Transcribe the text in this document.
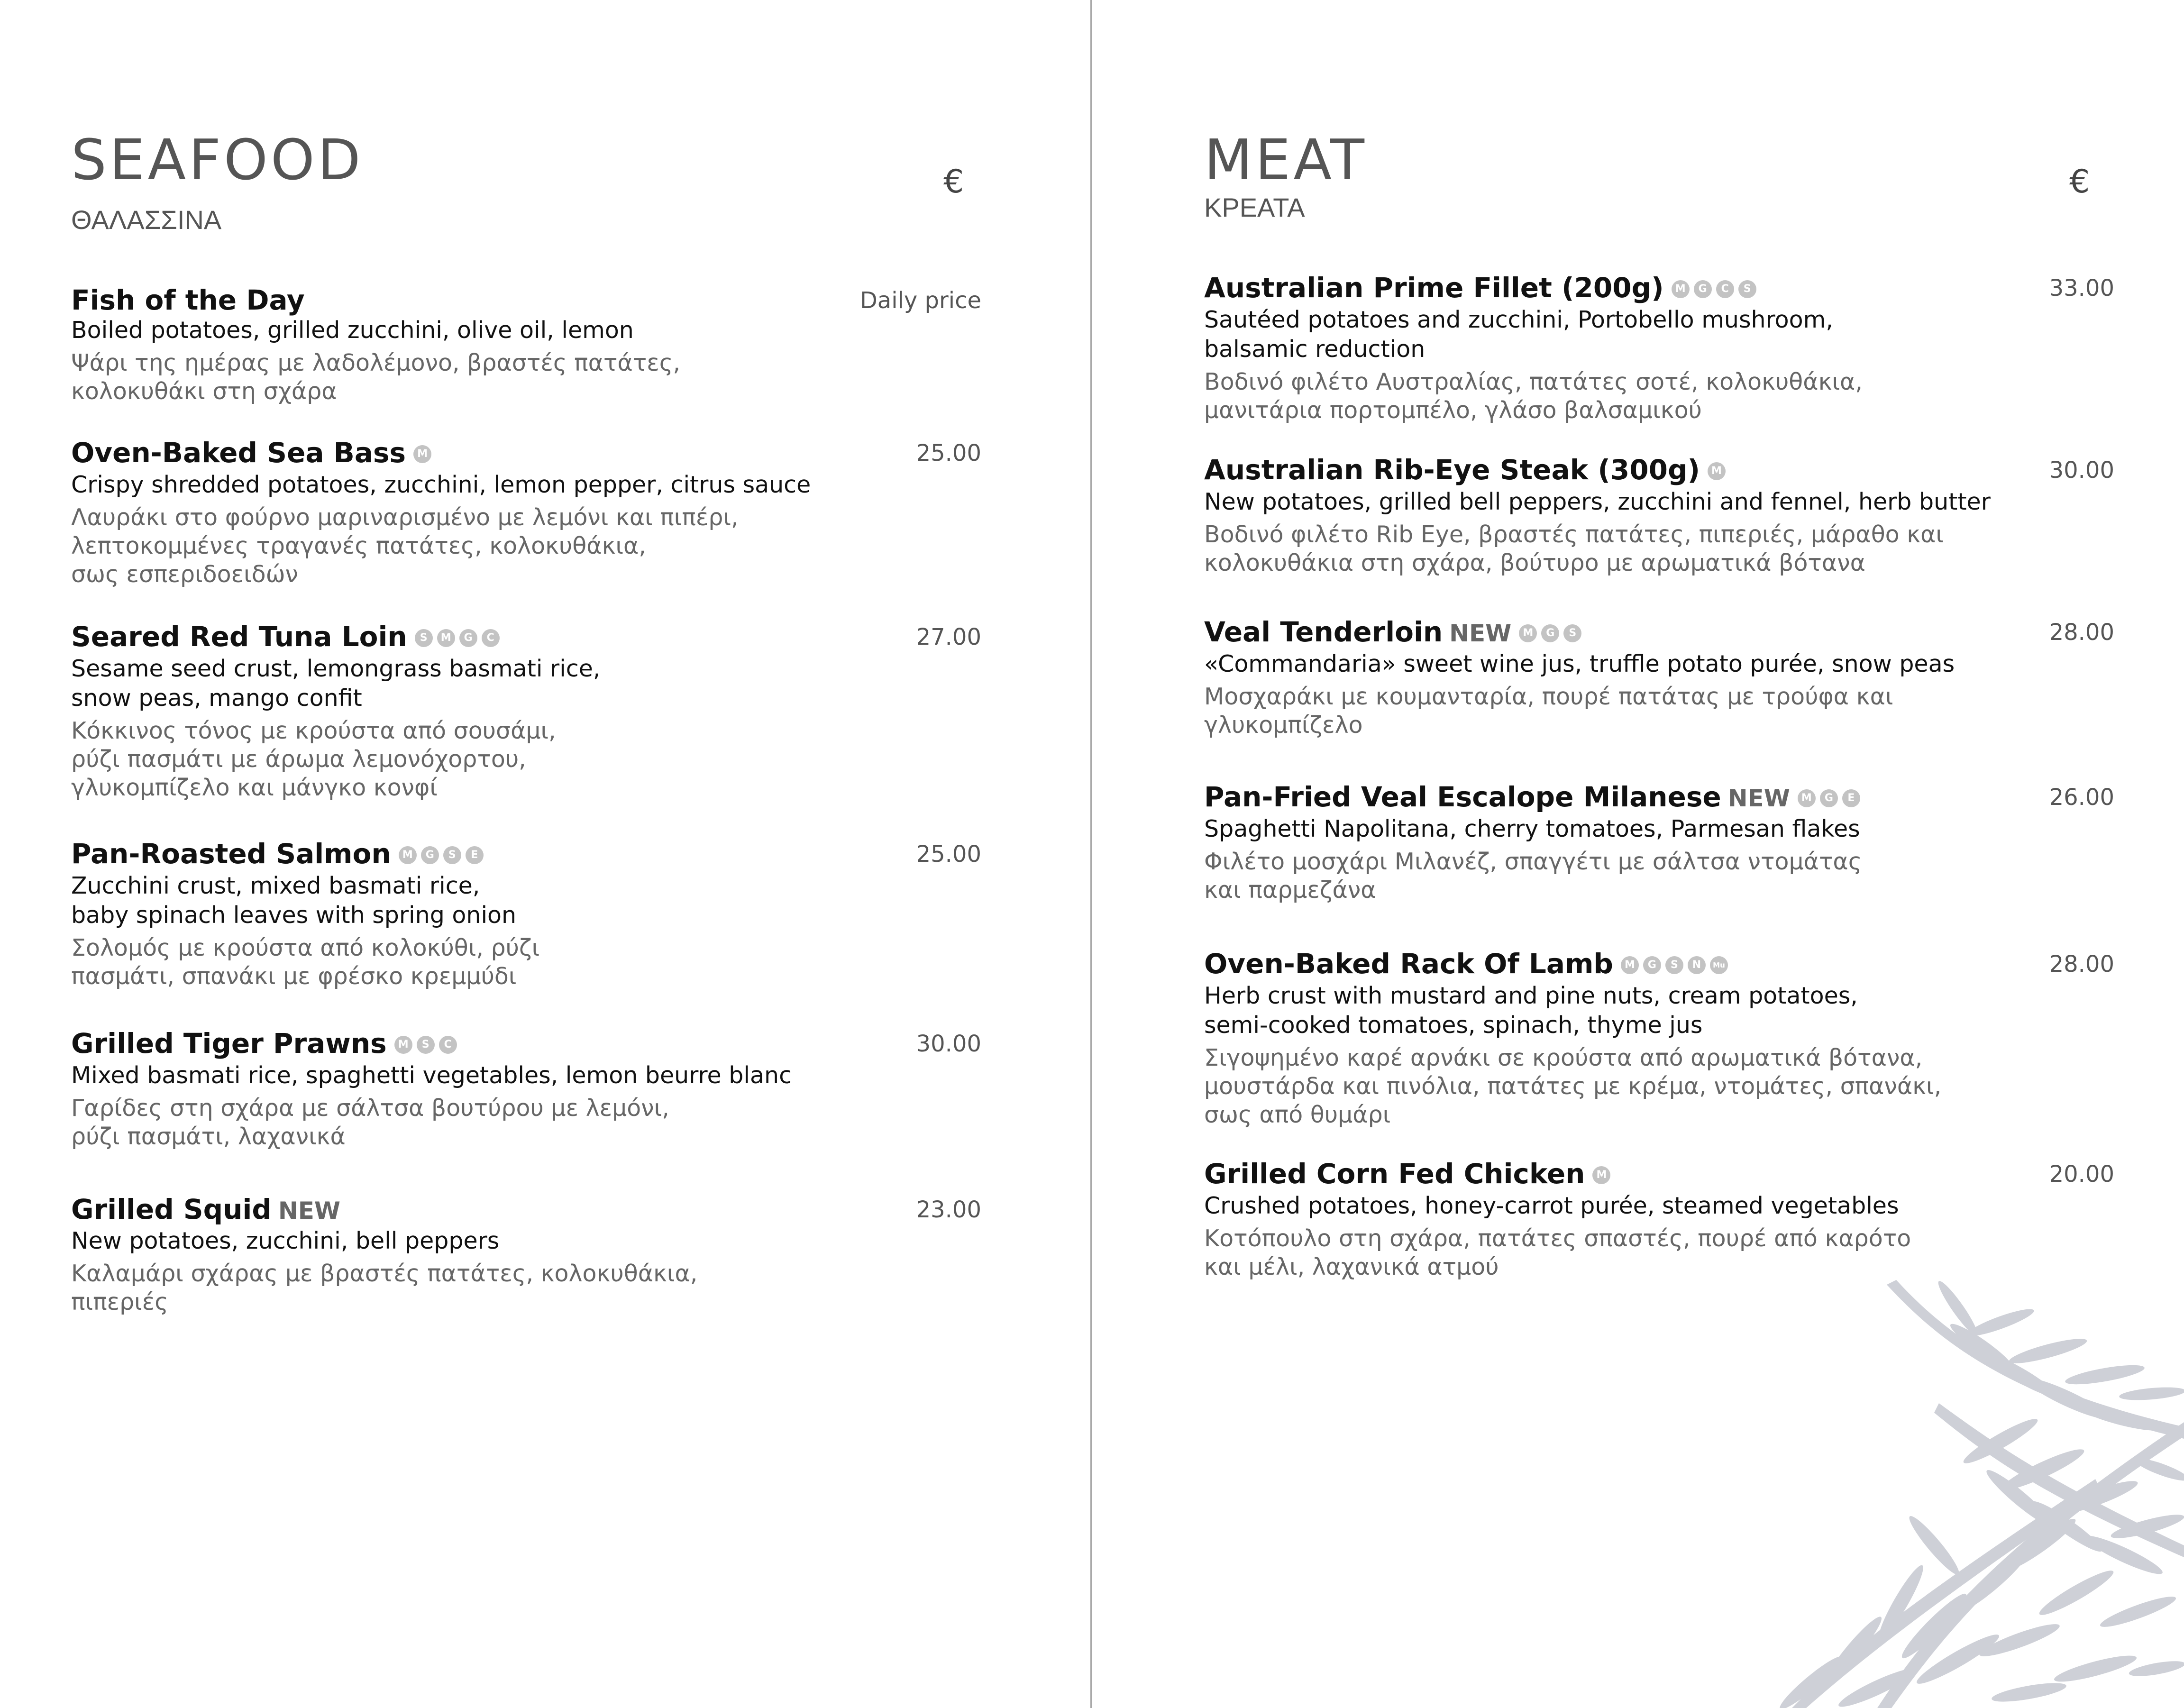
SEAFOOD
ΘΑΛΑΣΣΙΝΑ
€
Fish of the Day
Boiled potatoes, grilled zucchini, olive oil, lemon
Ψάρι της ημέρας με λαδολέμονο, βραστές πατάτες,
κολοκυθάκι στη σχάρα
Daily price
Oven-Baked Sea Bass M
Crispy shredded potatoes, zucchini, lemon pepper, citrus sauce
Λαυράκι στο φούρνο μαριναρισμένο με λεμόνι και πιπέρι,
λεπτοκομμένες τραγανές πατάτες, κολοκυθάκια,
σως εσπεριδοειδών
25.00
Seared Red Tuna Loin S M G C
Sesame seed crust, lemongrass basmati rice,
snow peas, mango confit
Κόκκινος τόνος με κρούστα από σουσάμι,
ρύζι πασμάτι με άρωμα λεμονόχορτου,
γλυκομπίζελο και μάνγκο κονφί
27.00
Pan-Roasted Salmon M G S E
Zucchini crust, mixed basmati rice,
baby spinach leaves with spring onion
Σολομός με κρούστα από κολοκύθι, ρύζι
πασμάτι, σπανάκι με φρέσκο κρεμμύδι
25.00
Grilled Tiger Prawns M S C
Mixed basmati rice, spaghetti vegetables, lemon beurre blanc
Γαρίδες στη σχάρα με σάλτσα βουτύρου με λεμόνι,
ρύζι πασμάτι, λαχανικά
30.00
Grilled Squid NEW
New potatoes, zucchini, bell peppers
Καλαμάρι σχάρας με βραστές πατάτες, κολοκυθάκια,
πιπεριές
23.00
MEAT
ΚΡΕΑΤΑ
€
Australian Prime Fillet (200g) M G C S
Sautéed potatoes and zucchini, Portobello mushroom,
balsamic reduction
Βοδινό φιλέτο Αυστραλίας, πατάτες σοτέ, κολοκυθάκια,
μανιτάρια πορτομπέλο, γλάσο βαλσαμικού
33.00
Australian Rib-Eye Steak (300g) M
New potatoes, grilled bell peppers, zucchini and fennel, herb butter
Βοδινό φιλέτο Rib Eye, βραστές πατάτες, πιπεριές, μάραθο και
κολοκυθάκια στη σχάρα, βούτυρο με αρωματικά βότανα
30.00
Veal Tenderloin NEW M G S
«Commandaria» sweet wine jus, truffle potato purée, snow peas
Μοσχαράκι με κουμανταρία, πουρέ πατάτας με τρούφα και
γλυκομπίζελο
28.00
Pan-Fried Veal Escalope Milanese NEW M G E
Spaghetti Napolitana, cherry tomatoes, Parmesan flakes
Φιλέτο μοσχάρι Μιλανέζ, σπαγγέτι με σάλτσα ντομάτας
και παρμεζάνα
26.00
Oven-Baked Rack Of Lamb M G S N Mu
Herb crust with mustard and pine nuts, cream potatoes,
semi-cooked tomatoes, spinach, thyme jus
Σιγοψημένο καρέ αρνάκι σε κρούστα από αρωματικά βότανα,
μουστάρδα και πινόλια, πατάτες με κρέμα, ντομάτες, σπανάκι,
σως από θυμάρι
28.00
Grilled Corn Fed Chicken M
Crushed potatoes, honey-carrot purée, steamed vegetables
Κοτόπουλο στη σχάρα, πατάτες σπαστές, πουρέ από καρότο
και μέλι, λαχανικά ατμού
20.00
